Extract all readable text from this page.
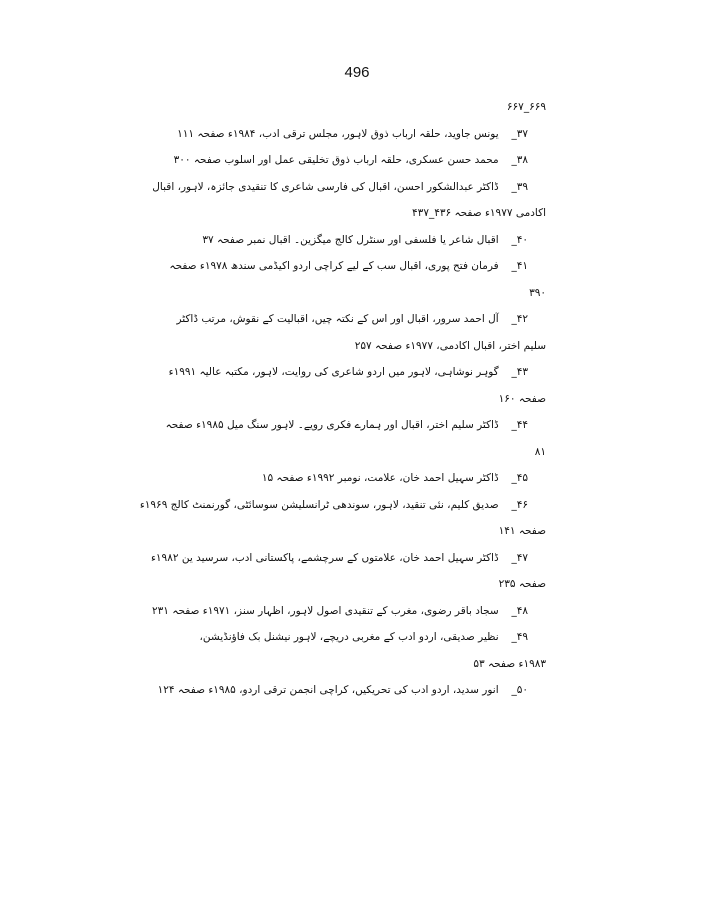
496
۶۶۹_۶۶۷
۳۷_ یونس جاوید، حلقہ ارباب ذوق لاہور، مجلس ترقی ادب، ۱۹۸۴ء صفحہ ۱۱۱
۳۸_ محمد حسن عسکری، حلقہ ارباب ذوق تخلیقی عمل اور اسلوب صفحہ ۳۰۰
۳۹_ ڈاکٹر عبدالشکور احسن، اقبال کی فارسی شاعری کا تنقیدی جائزہ، لاہور، اقبال
اکادمی ۱۹۷۷ء صفحہ ۴۳۶_۴۳۷
۴۰_ اقبال شاعر یا فلسفی اور سنٹرل کالج میگزین۔ اقبال نمبر صفحہ ۳۷
۴۱_ فرمان فتح پوری، اقبال سب کے لیے کراچی اردو اکیڈمی سندھ ۱۹۷۸ء صفحہ
۳۹۰
۴۲_ آل احمد سرور، اقبال اور اس کے نکتہ چیں، اقبالیت کے نقوش، مرتب ڈاکٹر
سلیم اختر، اقبال اکادمی، ۱۹۷۷ء صفحہ ۲۵۷
۴۳_ گوہر نوشاہی، لاہور میں اردو شاعری کی روایت، لاہور، مکتبہ عالیہ ۱۹۹۱ء
صفحہ ۱۶۰
۴۴_ ڈاکٹر سلیم اختر، اقبال اور ہمارے فکری رویے۔ لاہور سنگ میل ۱۹۸۵ء صفحہ
۸۱
۴۵_ ڈاکٹر سہیل احمد خان، علامت، نومبر ۱۹۹۲ء صفحہ ۱۵
۴۶_ صدیق کلیم، نئی تنقید، لاہور، سوندھی ٹرانسلیشن سوسائٹی، گورنمنٹ کالج ۱۹۶۹ء
صفحہ ۱۴۱
۴۷_ ڈاکٹر سہیل احمد خان، علامتوں کے سرچشمے، پاکستانی ادب، سرسید ین ۱۹۸۲ء
صفحہ ۲۳۵
۴۸_ سجاد باقر رضوی، مغرب کے تنقیدی اصول لاہور، اظہار سنز، ۱۹۷۱ء صفحہ ۲۳۱
۴۹_ نظیر صدیقی، اردو ادب کے مغربی دریچے، لاہور نیشنل بک فاؤنڈیشن،
۱۹۸۳ء صفحہ ۵۳
۵۰_ انور سدید، اردو ادب کی تحریکیں، کراچی انجمن ترقی اردو، ۱۹۸۵ء صفحہ ۱۲۴
